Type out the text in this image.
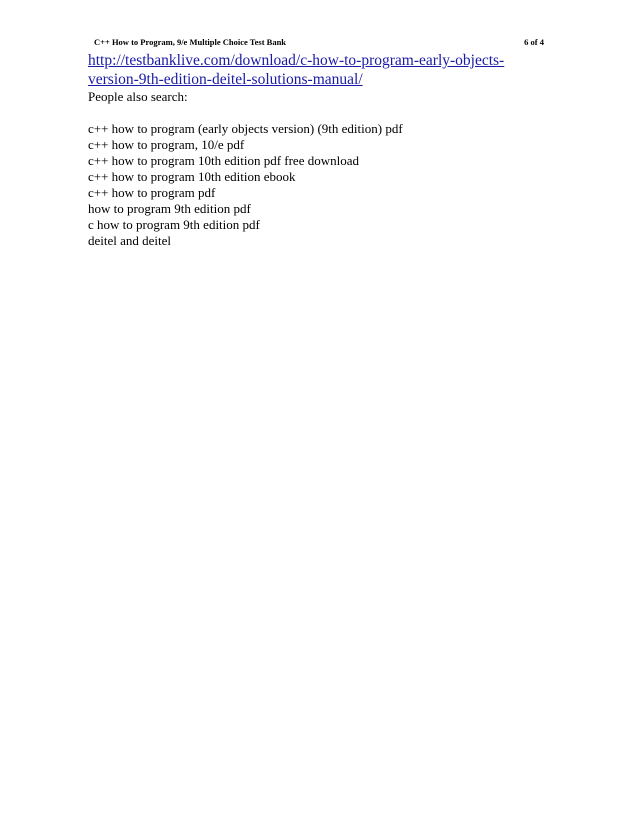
C++ How to Program, 9/e Multiple Choice Test Bank	6 of 4
http://testbanklive.com/download/c-how-to-program-early-objects-
version-9th-edition-deitel-solutions-manual/
People also search:
c++ how to program (early objects version) (9th edition) pdf
c++ how to program, 10/e pdf
c++ how to program 10th edition pdf free download
c++ how to program 10th edition ebook
c++ how to program pdf
how to program 9th edition pdf
c how to program 9th edition pdf
deitel and deitel
